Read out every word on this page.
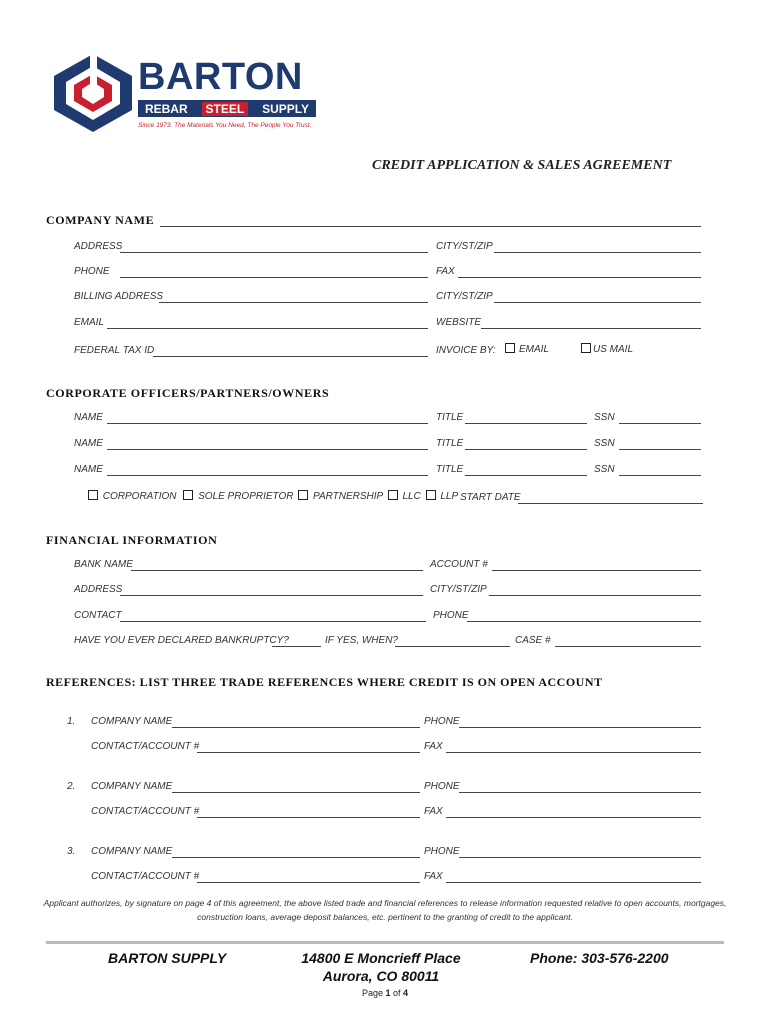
BARTON
REBAR	STEEL	SUPPLY
Since 1973. The Materials You Need, The People You Trust.
CREDIT APPLICATION & SALES AGREEMENT
COMPANY NAME
ADDRESS	CITY/ST/ZIP
PHONE	FAX
BILLING ADDRESS	CITY/ST/ZIP
EMAIL	WEBSITE
FEDERAL TAX ID	INVOICE BY:	EMAIL	US MAIL
CORPORATE OFFICERS/PARTNERS/OWNERS
NAME	TITLE	SSN
NAME	TITLE	SSN
NAME	TITLE	SSN
CORPORATION SOLE PROPRIETOR PARTNERSHIP LLC LLP START DATE
FINANCIAL INFORMATION
BANK NAME	ACCOUNT #
ADDRESS	CITY/ST/ZIP
CONTACT	PHONE
HAVE YOU EVER DECLARED BANKRUPTCY?	IF YES, WHEN?	CASE #
REFERENCES: LIST THREE TRADE REFERENCES WHERE CREDIT IS ON OPEN ACCOUNT
1. COMPANY NAME	PHONE
CONTACT/ACCOUNT #	FAX
2. COMPANY NAME	PHONE
CONTACT/ACCOUNT #	FAX
3. COMPANY NAME	PHONE
CONTACT/ACCOUNT #	FAX
Applicant authorizes, by signature on page 4 of this agreement, the above listed trade and financial references to release information requested relative to open accounts, mortgages, construction loans, average deposit balances, etc. pertinent to the granting of credit to the applicant.
BARTON SUPPLY	14800 E Moncrieff Place
Aurora, CO 80011
Phone: 303-576-2200
Page 1 of 4
